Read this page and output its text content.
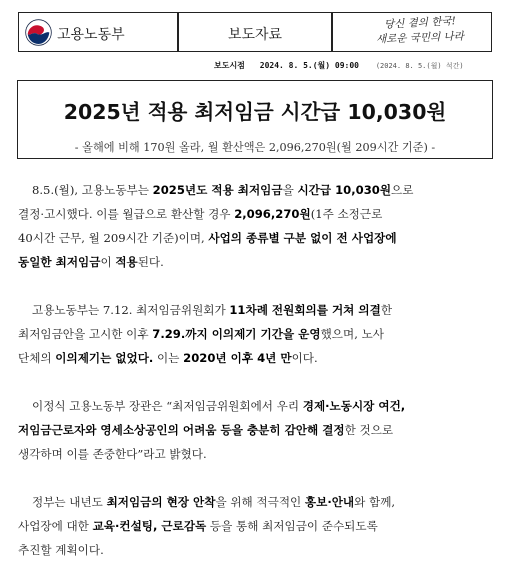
고용노동부	보도자료
당신 곁의 한국!
새로운 국민의 나라
보도시점 2024. 8. 5.(월) 09:00 (2024. 8. 5.(월) 석간)
2025년 적용 최저임금 시간급 10,030원
- 올해에 비해 170원 올라, 월 환산액은 2,096,270원(월 209시간 기준) -
8.5.(월), 고용노동부는 2025년도 적용 최저임금을 시간급 10,030원으로
결정·고시했다. 이를 월급으로 환산할 경우 2,096,270원(1주 소정근로
40시간 근무, 월 209시간 기준)이며, 사업의 종류별 구분 없이 전 사업장에
동일한 최저임금이 적용된다.
고용노동부는 7.12. 최저임금위원회가 11차례 전원회의를 거쳐 의결한
최저임금안을 고시한 이후 7.29.까지 이의제기 기간을 운영했으며, 노사
단체의 이의제기는 없었다. 이는 2020년 이후 4년 만이다.
이정식 고용노동부 장관은 “최저임금위원회에서 우리 경제·노동시장 여건,
저임금근로자와 영세소상공인의 어려움 등을 충분히 감안해 결정한 것으로
생각하며 이를 존중한다”라고 밝혔다.
정부는 내년도 최저임금의 현장 안착을 위해 적극적인 홍보·안내와 함께,
사업장에 대한 교육·컨설팅, 근로감독 등을 통해 최저임금이 준수되도록
추진할 계획이다.
